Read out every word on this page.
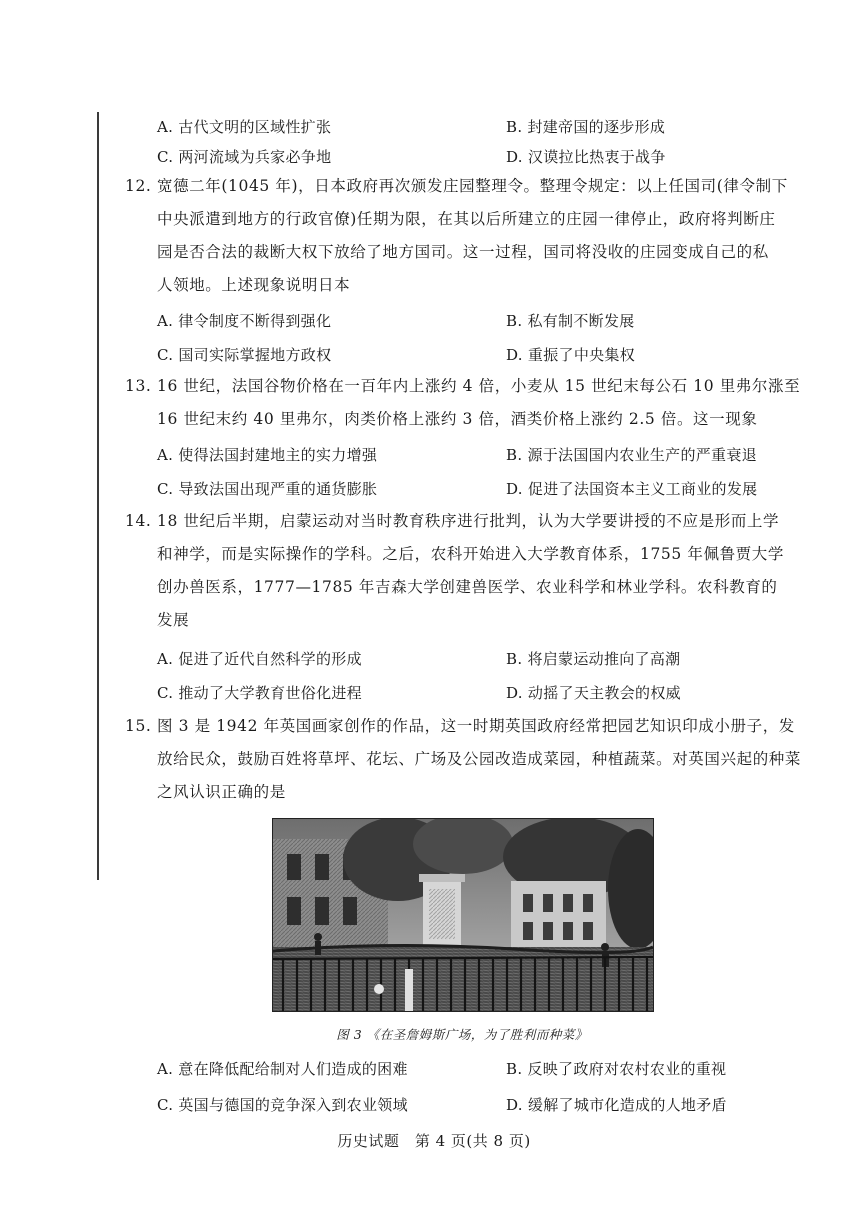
A. 古代文明的区域性扩张	B. 封建帝国的逐步形成
C. 两河流域为兵家必争地	D. 汉谟拉比热衷于战争
12. 宽德二年(1045 年)，日本政府再次颁发庄园整理令。整理令规定：以上任国司(律令制下
中央派遣到地方的行政官僚)任期为限，在其以后所建立的庄园一律停止，政府将判断庄
园是否合法的裁断大权下放给了地方国司。这一过程，国司将没收的庄园变成自己的私
人领地。上述现象说明日本
A. 律令制度不断得到强化	B. 私有制不断发展
C. 国司实际掌握地方政权	D. 重振了中央集权
13. 16 世纪，法国谷物价格在一百年内上涨约 4 倍，小麦从 15 世纪末每公石 10 里弗尔涨至
16 世纪末约 40 里弗尔，肉类价格上涨约 3 倍，酒类价格上涨约 2.5 倍。这一现象
A. 使得法国封建地主的实力增强	B. 源于法国国内农业生产的严重衰退
C. 导致法国出现严重的通货膨胀	D. 促进了法国资本主义工商业的发展
14. 18 世纪后半期，启蒙运动对当时教育秩序进行批判，认为大学要讲授的不应是形而上学
和神学，而是实际操作的学科。之后，农科开始进入大学教育体系，1755 年佩鲁贾大学
创办兽医系，1777—1785 年吉森大学创建兽医学、农业科学和林业学科。农科教育的
发展
A. 促进了近代自然科学的形成	B. 将启蒙运动推向了高潮
C. 推动了大学教育世俗化进程	D. 动摇了天主教会的权威
15. 图 3 是 1942 年英国画家创作的作品，这一时期英国政府经常把园艺知识印成小册子，发
放给民众，鼓励百姓将草坪、花坛、广场及公园改造成菜园，种植蔬菜。对英国兴起的种菜
之风认识正确的是
图 3 《在圣詹姆斯广场，为了胜利而种菜》
A. 意在降低配给制对人们造成的困难	B. 反映了政府对农村农业的重视
C. 英国与德国的竞争深入到农业领域	D. 缓解了城市化造成的人地矛盾
历史试题　第 4 页(共 8 页)
